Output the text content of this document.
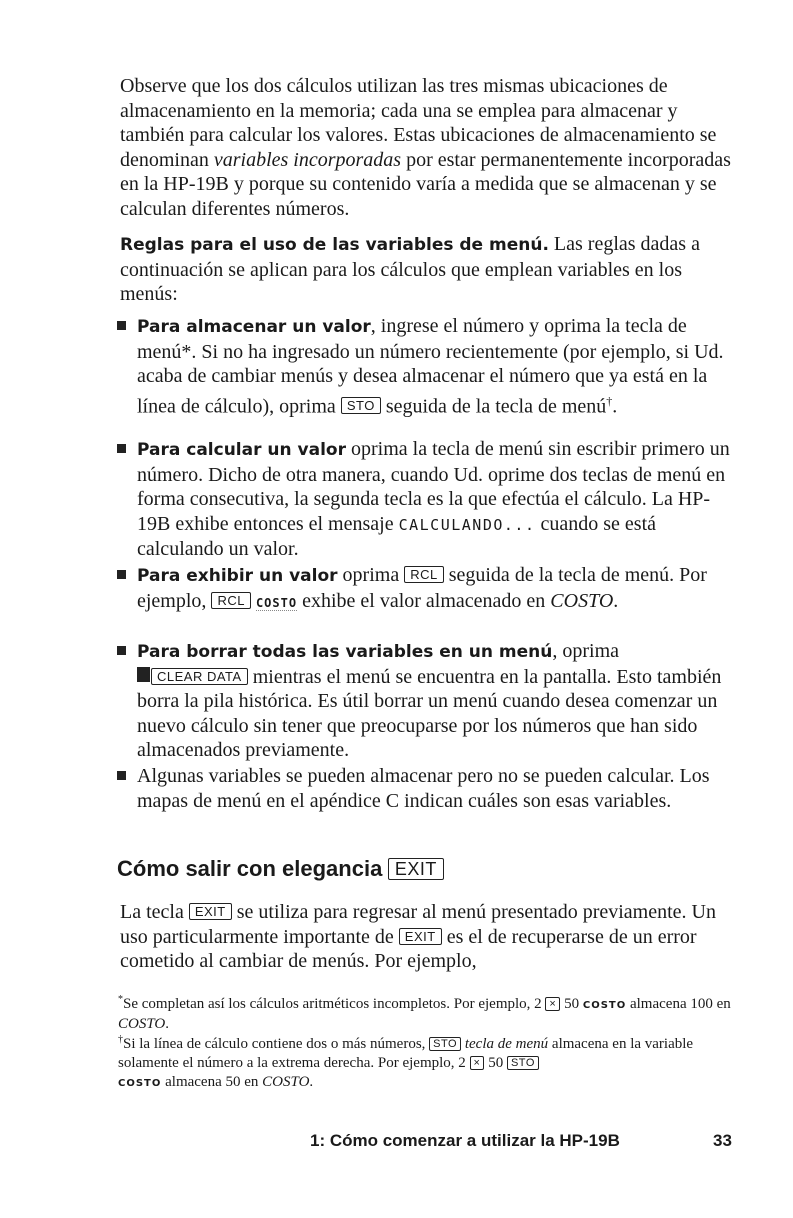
Observe que los dos cálculos utilizan las tres mismas ubicaciones de almacenamiento en la memoria; cada una se emplea para almacenar y también para calcular los valores. Estas ubicaciones de almacenamiento se denominan variables incorporadas por estar permanentemente incorporadas en la HP-19B y porque su contenido varía a medida que se almacenan y se calculan diferentes números.

Reglas para el uso de las variables de menú. Las reglas dadas a continuación se aplican para los cálculos que emplean variables en los menús:

Para almacenar un valor, ingrese el número y oprima la tecla de menú*. Si no ha ingresado un número recientemente (por ejemplo, si Ud. acaba de cambiar menús y desea almacenar el número que ya está en la línea de cálculo), oprima STO seguida de la tecla de menú†.

Para calcular un valor oprima la tecla de menú sin escribir primero un número. Dicho de otra manera, cuando Ud. oprime dos teclas de menú en forma consecutiva, la segunda tecla es la que efectúa el cálculo. La HP-19B exhibe entonces el mensaje CALCULANDO... cuando se está calculando un valor.

Para exhibir un valor oprima RCL seguida de la tecla de menú. Por ejemplo, RCL COSTO exhibe el valor almacenado en COSTO.

Para borrar todas las variables en un menú, oprima
CLEAR DATA mientras el menú se encuentra en la pantalla. Esto también borra la pila histórica. Es útil borrar un menú cuando desea comenzar un nuevo cálculo sin tener que preocuparse por los números que han sido almacenados previamente.

Algunas variables se pueden almacenar pero no se pueden calcular. Los mapas de menú en el apéndice C indican cuáles son esas variables.

Cómo salir con elegancia EXIT

La tecla EXIT se utiliza para regresar al menú presentado previamente. Un uso particularmente importante de EXIT es el de recuperarse de un error cometido al cambiar de menús. Por ejemplo,

*Se completan así los cálculos aritméticos incompletos. Por ejemplo, 2 × 50 COSTO almacena 100 en COSTO.

†Si la línea de cálculo contiene dos o más números, STO tecla de menú almacena en la variable solamente el número a la extrema derecha. Por ejemplo, 2 × 50 STO
COSTO almacena 50 en COSTO.

1: Cómo comenzar a utilizar la HP-19B	33
